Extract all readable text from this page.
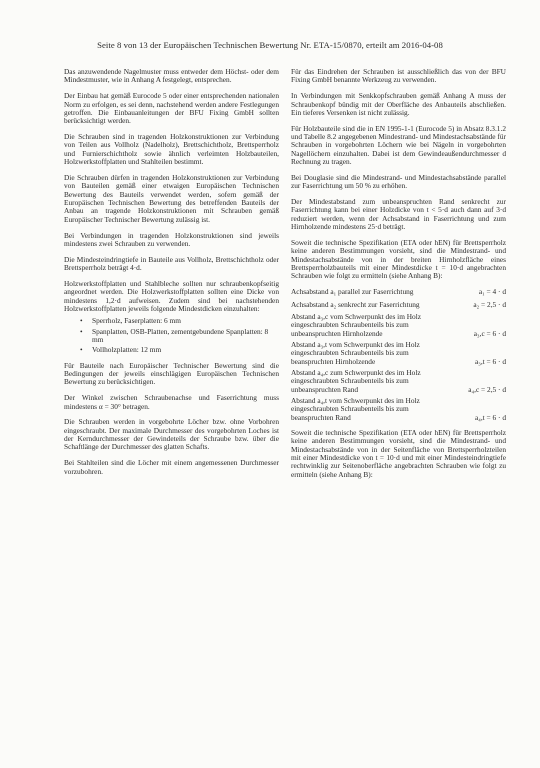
Seite 8 von 13 der Europäischen Technischen Bewertung Nr. ETA-15/0870, erteilt am 2016-04-08

Das anzuwendende Nagelmuster muss entweder dem Höchst- oder dem Mindestmuster, wie in Anhang A festgelegt, entsprechen.

Der Einbau hat gemäß Eurocode 5 oder einer entsprechenden nationalen Norm zu erfolgen, es sei denn, nachstehend werden andere Festlegungen getroffen. Die Einbauanleitungen der BFU Fixing GmbH sollten berücksichtigt werden.

Die Schrauben sind in tragenden Holzkonstruktionen zur Verbindung von Teilen aus Vollholz (Nadelholz), Brettschichtholz, Brettsperrholz und Furnierschichtholz sowie ähnlich verleimten Holzbauteilen, Holzwerkstoffplatten und Stahlteilen bestimmt.

Die Schrauben dürfen in tragenden Holzkonstruktionen zur Verbindung von Bauteilen gemäß einer etwaigen Europäischen Technischen Bewertung des Bauteils verwendet werden, sofern gemäß der Europäischen Technischen Bewertung des betreffenden Bauteils der Anbau an tragende Holzkonstruktionen mit Schrauben gemäß Europäischer Technischer Bewertung zulässig ist.

Bei Verbindungen in tragenden Holzkonstruktionen sind jeweils mindestens zwei Schrauben zu verwenden.

Die Mindesteindringtiefe in Bauteile aus Vollholz, Brettschichtholz oder Brettsperrholz beträgt 4·d.

Holzwerkstoffplatten und Stahlbleche sollten nur schraubenkopfseitig angeordnet werden. Die Holzwerkstoffplatten sollten eine Dicke von mindestens 1,2·d aufweisen. Zudem sind bei nachstehenden Holzwerkstoffplatten jeweils folgende Mindestdicken einzuhalten:

• Sperrholz, Faserplatten: 6 mm
• Spanplatten, OSB-Platten, zementgebundene Spanplatten: 8 mm
• Vollholzplatten: 12 mm

Für Bauteile nach Europäischer Technischer Bewertung sind die Bedingungen der jeweils einschlägigen Europäischen Technischen Bewertung zu berücksichtigen.

Der Winkel zwischen Schraubenachse und Faserrichtung muss mindestens α = 30° betragen.

Die Schrauben werden in vorgebohrte Löcher bzw. ohne Vorbohren eingeschraubt. Der maximale Durchmesser des vorgebohrten Loches ist der Kerndurchmesser der Gewindeteils der Schraube bzw. über die Schaftlänge der Durchmesser des glatten Schafts.

Bei Stahlteilen sind die Löcher mit einem angemessenen Durchmesser vorzubohren.

Für das Eindrehen der Schrauben ist ausschließlich das von der BFU Fixing GmbH benannte Werkzeug zu verwenden.

In Verbindungen mit Senkkopfschrauben gemäß Anhang A muss der Schraubenkopf bündig mit der Oberfläche des Anbauteils abschließen. Ein tieferes Versenken ist nicht zulässig.

Für Holzbauteile sind die in EN 1995-1-1 (Eurocode 5) in Absatz 8.3.1.2 und Tabelle 8.2 angegebenen Mindestrand- und Mindestachsabstände für Schrauben in vorgebohrten Löchern wie bei Nägeln in vorgebohrten Nagellöchern einzuhalten. Dabei ist dem Gewindeaußendurchmesser d Rechnung zu tragen.

Bei Douglasie sind die Mindestrand- und Mindestachsabstände parallel zur Faserrichtung um 50 % zu erhöhen.

Der Mindestabstand zum unbeanspruchten Rand senkrecht zur Faserrichtung kann bei einer Holzdicke von t < 5·d auch dann auf 3·d reduziert werden, wenn der Achsabstand in Faserrichtung und zum Hirnholzende mindestens 25·d beträgt.

Soweit die technische Spezifikation (ETA oder hEN) für Brettsperrholz keine anderen Bestimmungen vorsieht, sind die Mindestrand- und Mindestachsabstände von in der breiten Hirnholzfläche eines Brettsperrholzbauteils mit einer Mindestdicke t = 10·d angebrachten Schrauben wie folgt zu ermitteln (siehe Anhang B):

Achsabstand a₁ parallel zur Faserrichtung	a₁ = 4 · d
Achsabstand a₂ senkrecht zur Faserrichtung	a₂ = 2,5 · d
Abstand a₃,c vom Schwerpunkt des im Holz
eingeschraubten Schraubenteils bis zum
unbeanspruchten Hirnholzende	a₃,c = 6 · d
Abstand a₃,t vom Schwerpunkt des im Holz
eingeschraubten Schraubenteils bis zum
beanspruchten Hirnholzende	a₃,t = 6 · d
Abstand a₄,c zum Schwerpunkt des im Holz
eingeschraubten Schraubenteils bis zum
unbeanspruchten Rand	a₄,c = 2,5 · d
Abstand a₄,t vom Schwerpunkt des im Holz
eingeschraubten Schraubenteils bis zum
beanspruchten Rand	a₄,t = 6 · d

Soweit die technische Spezifikation (ETA oder hEN) für Brettsperrholz keine anderen Bestimmungen vorsieht, sind die Mindestrand- und Mindestachsabstände von in der Seitenfläche von Brettsperrholzteilen mit einer Mindestdicke von t = 10·d und mit einer Mindesteindringtiefe rechtwinklig zur Seitenoberfläche angebrachten Schrauben wie folgt zu ermitteln (siehe Anhang B):
